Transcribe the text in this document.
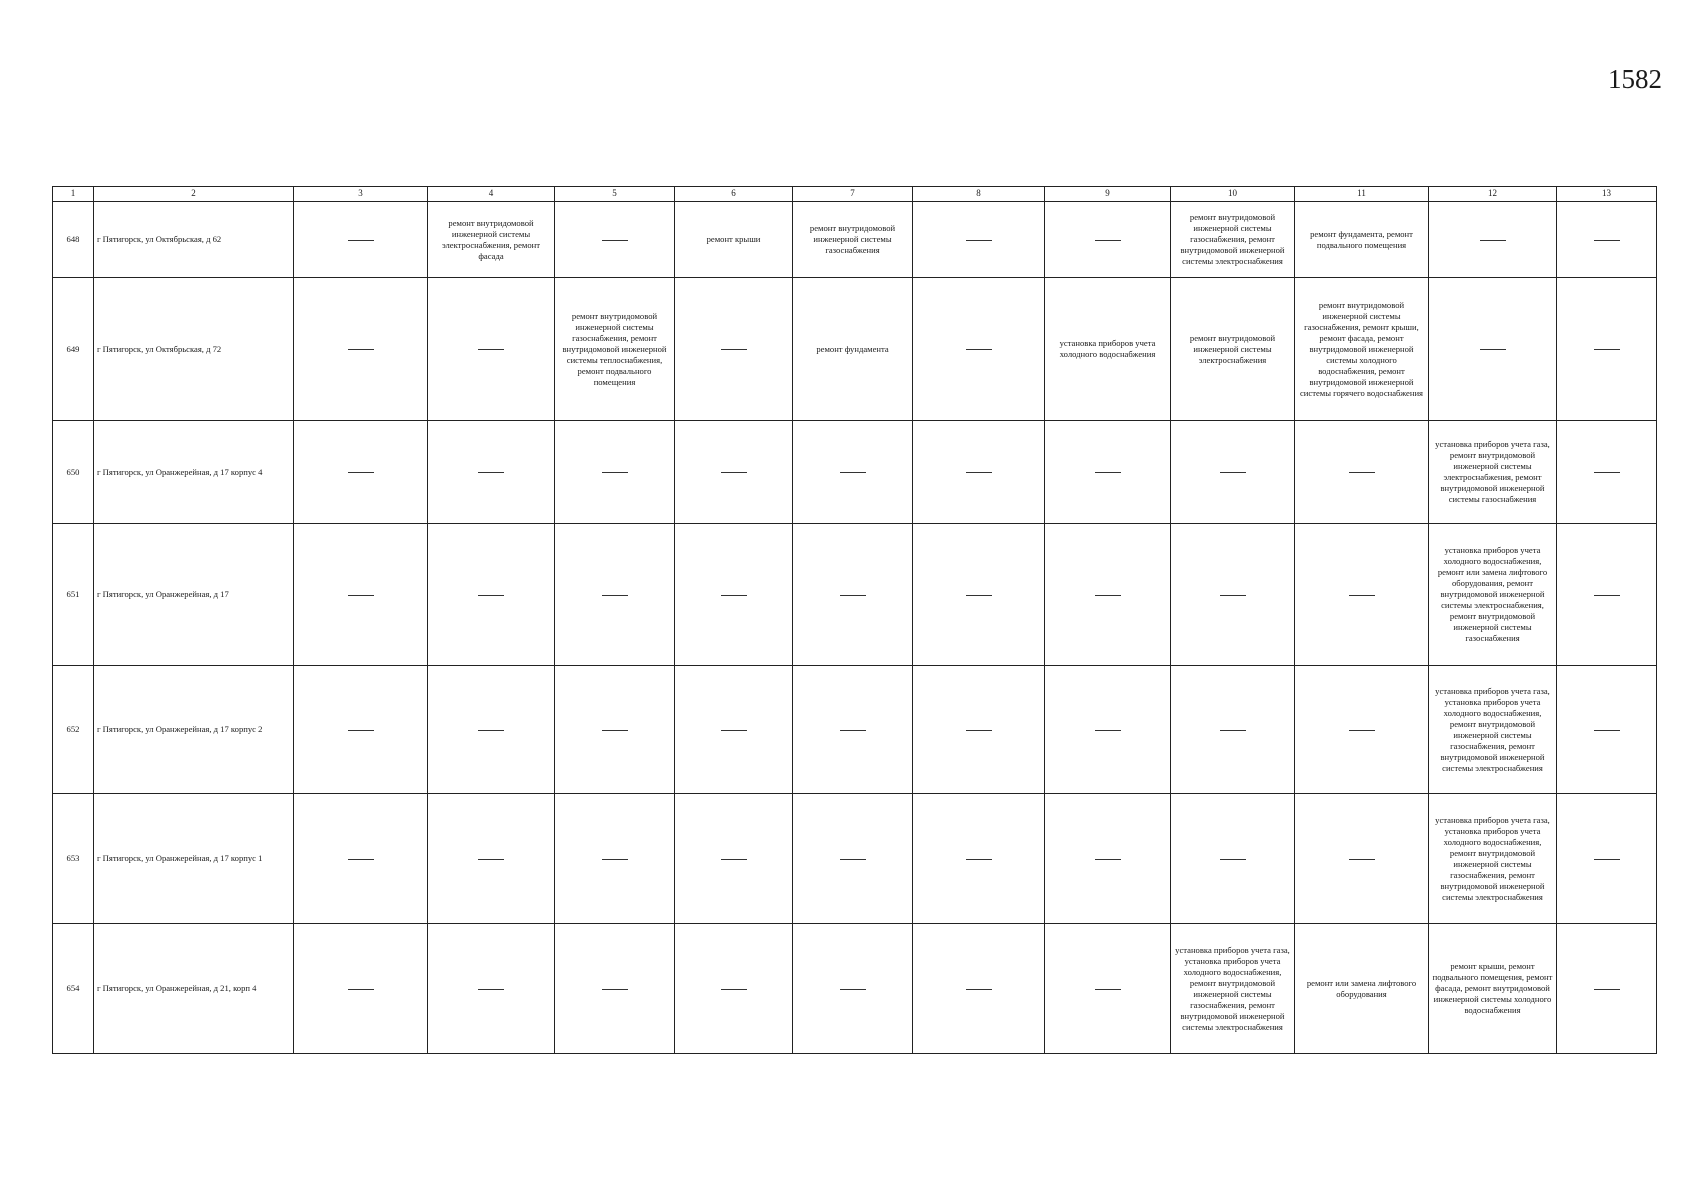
1582
1	2	3	4	5	6	7	8	9	10	11	12	13
648	г Пятигорск, ул Октябрьская, д 62		ремонт внутридомовой инженерной системы электроснабжения, ремонт фасада		ремонт крыши	ремонт внутридомовой инженерной системы газоснабжения			ремонт внутридомовой инженерной системы газоснабжения, ремонт внутридомовой инженерной системы электроснабжения	ремонт фундамента, ремонт подвального помещения		
649	г Пятигорск, ул Октябрьская, д 72			ремонт внутридомовой инженерной системы газоснабжения, ремонт внутридомовой инженерной системы теплоснабжения, ремонт подвального помещения		ремонт фундамента		установка приборов учета холодного водоснабжения	ремонт внутридомовой инженерной системы электроснабжения	ремонт внутридомовой инженерной системы газоснабжения, ремонт крыши, ремонт фасада, ремонт внутридомовой инженерной системы холодного водоснабжения, ремонт внутридомовой инженерной системы горячего водоснабжения		
650	г Пятигорск, ул Оранжерейная, д 17 корпус 4										установка приборов учета газа, ремонт внутридомовой инженерной системы электроснабжения, ремонт внутридомовой инженерной системы газоснабжения	
651	г Пятигорск, ул Оранжерейная, д 17										установка приборов учета холодного водоснабжения, ремонт или замена лифтового оборудования, ремонт внутридомовой инженерной системы электроснабжения, ремонт внутридомовой инженерной системы газоснабжения	
652	г Пятигорск, ул Оранжерейная, д 17 корпус 2										установка приборов учета газа, установка приборов учета холодного водоснабжения, ремонт внутридомовой инженерной системы газоснабжения, ремонт внутридомовой инженерной системы электроснабжения	
653	г Пятигорск, ул Оранжерейная, д 17 корпус 1										установка приборов учета газа, установка приборов учета холодного водоснабжения, ремонт внутридомовой инженерной системы газоснабжения, ремонт внутридомовой инженерной системы электроснабжения	
654	г Пятигорск, ул Оранжерейная, д 21, корп 4								установка приборов учета газа, установка приборов учета холодного водоснабжения, ремонт внутридомовой инженерной системы газоснабжения, ремонт внутридомовой инженерной системы электроснабжения	ремонт или замена лифтового оборудования	ремонт крыши, ремонт подвального помещения, ремонт фасада, ремонт внутридомовой инженерной системы холодного водоснабжения	
